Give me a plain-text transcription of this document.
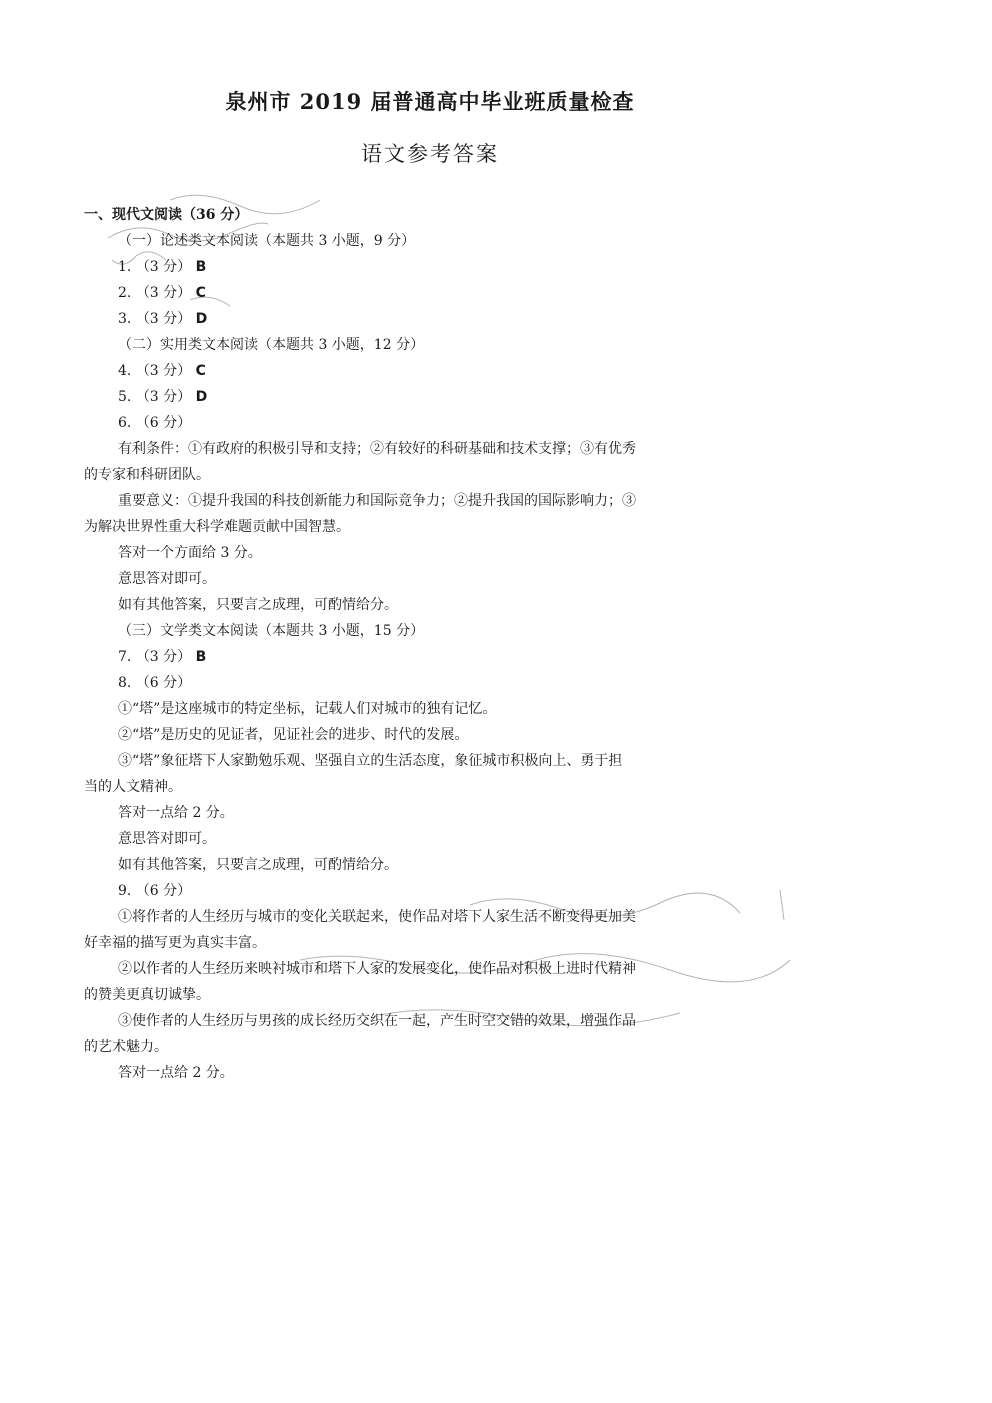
泉州市 2019 届普通高中毕业班质量检查
语文参考答案
一、现代文阅读（36 分）
（一）论述类文本阅读（本题共 3 小题，9 分）
1. （3 分） B
2. （3 分） C
3. （3 分） D
（二）实用类文本阅读（本题共 3 小题，12 分）
4. （3 分） C
5. （3 分） D
6. （6 分）
有利条件：①有政府的积极引导和支持；②有较好的科研基础和技术支撑；③有优秀
的专家和科研团队。
重要意义：①提升我国的科技创新能力和国际竞争力；②提升我国的国际影响力；③
为解决世界性重大科学难题贡献中国智慧。
答对一个方面给 3 分。
意思答对即可。
如有其他答案，只要言之成理，可酌情给分。
（三）文学类文本阅读（本题共 3 小题，15 分）
7. （3 分） B
8. （6 分）
①“塔”是这座城市的特定坐标，记载人们对城市的独有记忆。
②“塔”是历史的见证者，见证社会的进步、时代的发展。
③“塔”象征塔下人家勤勉乐观、坚强自立的生活态度，象征城市积极向上、勇于担
当的人文精神。
答对一点给 2 分。
意思答对即可。
如有其他答案，只要言之成理，可酌情给分。
9. （6 分）
①将作者的人生经历与城市的变化关联起来，使作品对塔下人家生活不断变得更加美
好幸福的描写更为真实丰富。
②以作者的人生经历来映衬城市和塔下人家的发展变化，使作品对积极上进时代精神
的赞美更真切诚挚。
③使作者的人生经历与男孩的成长经历交织在一起，产生时空交错的效果，增强作品
的艺术魅力。
答对一点给 2 分。
